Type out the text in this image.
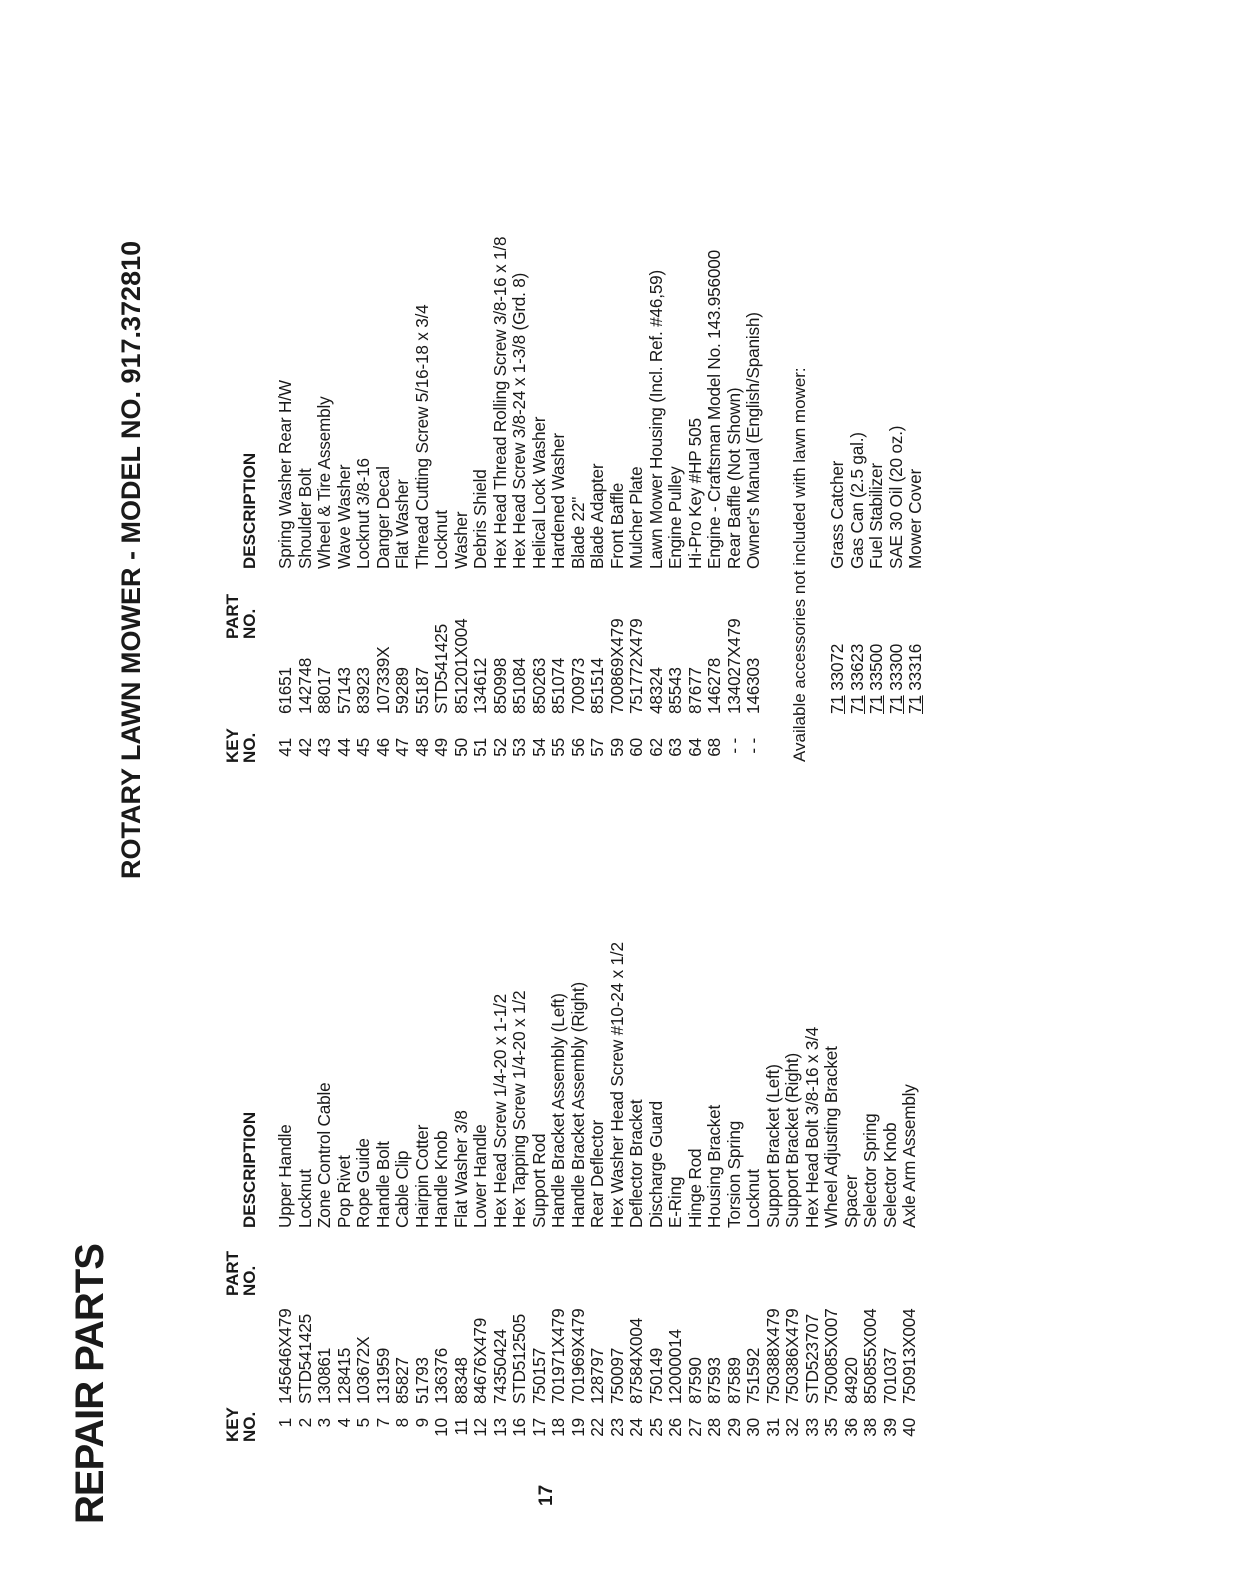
REPAIR PARTS
ROTARY LAWN MOWER - MODEL NO. 917.372810
17
KEY
NO.
PART
NO.
DESCRIPTION
1 2 3 4 5 7 8 9 10 11 12 13 16 17 18 19 22 23 24 25 26 27 28 29 30 31 32 33 35 36 38 39 40
145646X479 STD541425 130861 128415 103672X 131959 85827 51793 136376 88348 84676X479 74350424 STD512505 750157 701971X479 701969X479 128797 750097 87584X004 750149 12000014 87590 87593 87589 751592 750388X479 750386X479 STD523707 750085X007 84920 850855X004 701037 750913X004
Upper Handle Locknut Zone Control Cable Pop Rivet Rope Guide Handle Bolt Cable Clip Hairpin Cotter Handle Knob Flat Washer 3/8 Lower Handle Hex Head Screw 1/4-20 x 1-1/2 Hex Tapping Screw 1/4-20 x 1/2 Support Rod Handle Bracket Assembly (Left) Handle Bracket Assembly (Right) Rear Deflector Hex Washer Head Screw #10-24 x 1/2 Deflector Bracket Discharge Guard E-Ring Hinge Rod Housing Bracket Torsion Spring Locknut Support Bracket (Left) Support Bracket (Right) Hex Head Bolt 3/8-16 x 3/4 Wheel Adjusting Bracket Spacer Selector Spring Selector Knob Axle Arm Assembly
KEY
NO.
PART
NO.
DESCRIPTION
41 42 43 44 45 46 47 48 49 50 51 52 53 54 55 56 57 59 60 62 63 64 68 - - - -
61651 142748 88017 57143 83923 107339X 59289 55187 STD541425 851201X004 134612 850998 851084 850263 851074 700973 851514 700869X479 751772X479 48324 85543 87677 146278 134027X479 146303
Spring Washer Rear H/W Shoulder Bolt Wheel & Tire Assembly Wave Washer Locknut 3/8-16 Danger Decal Flat Washer Thread Cutting Screw 5/16-18 x 3/4 Locknut Washer Debris Shield Hex Head Thread Rolling Screw 3/8-16 x 1/8 Hex Head Screw 3/8-24 x 1-3/8 (Grd. 8) Helical Lock Washer Hardened Washer Blade 22" Blade Adapter Front Baffle Mulcher Plate Lawn Mower Housing (Incl. Ref. #46,59) Engine Pulley Hi-Pro Key #HP 505 Engine - Craftsman Model No. 143.956000 Rear Baffle (Not Shown) Owner's Manual (English/Spanish) Available accessories not included with lawn mower: 71 33072
71 33623
71 33500
71 33300
71 33316
Grass Catcher Gas Can (2.5 gal.) Fuel Stabilizer SAE 30 Oil (20 oz.) Mower Cover
